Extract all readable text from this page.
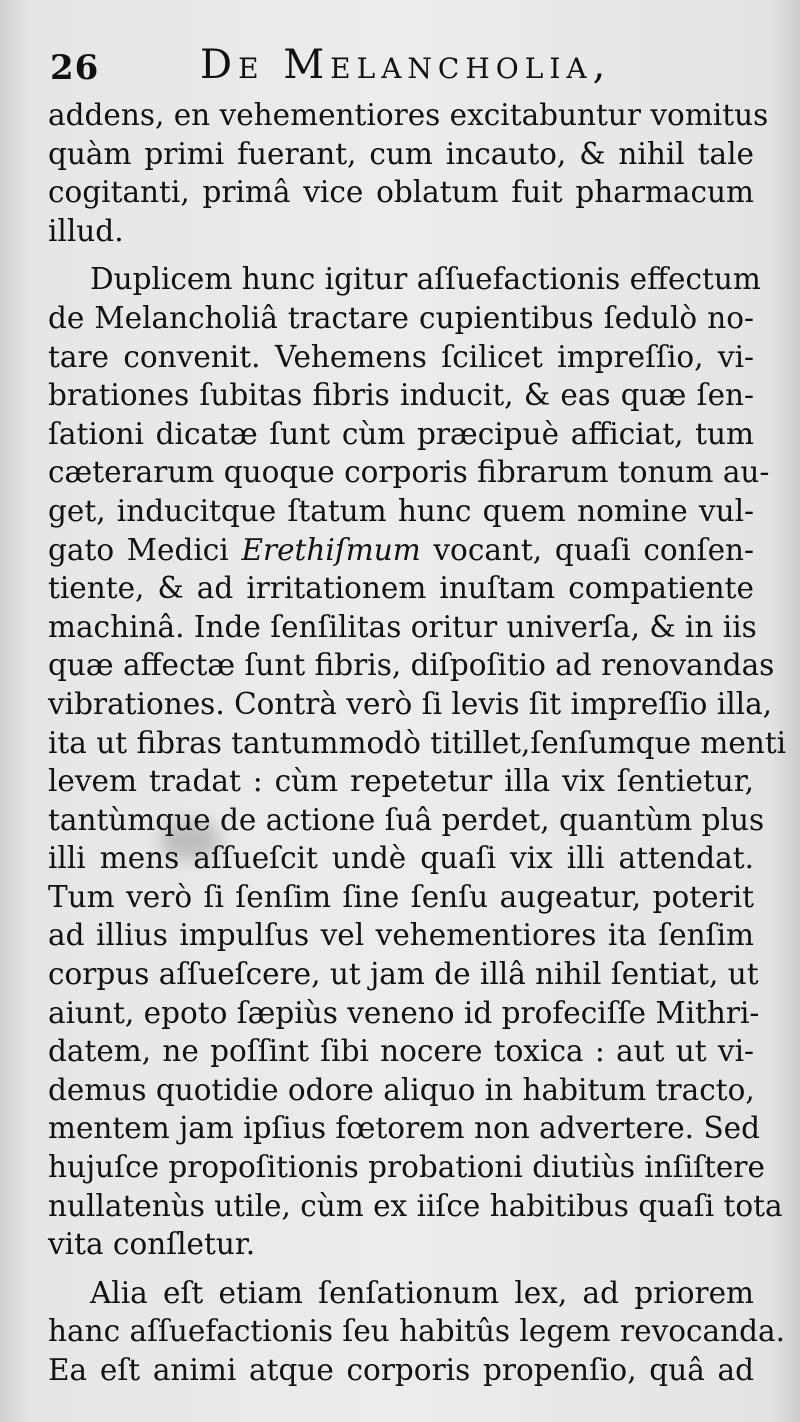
26	De Melancholia,
addens, en vehementiores excitabuntur vomitus
quàm primi fuerant, cum incauto, & nihil tale
cogitanti, primâ vice oblatum fuit pharmacum
illud.
Duplicem hunc igitur aſſuefactionis effectum
de Melancholiâ tractare cupientibus ſedulò no-
tare convenit. Vehemens ſcilicet impreſſio, vi-
brationes ſubitas fibris inducit, & eas quæ ſen-
ſationi dicatæ ſunt cùm præcipuè afficiat, tum
cæterarum quoque corporis fibrarum tonum au-
get, inducitque ſtatum hunc quem nomine vul-
gato Medici Erethiſmum vocant, quaſi conſen-
tiente, & ad irritationem inuſtam compatiente
machinâ. Inde ſenſilitas oritur univerſa, & in iis
quæ affectæ ſunt fibris, diſpoſitio ad renovandas
vibrationes. Contrà verò ſi levis ſit impreſſio illa,
ita ut fibras tantummodò titillet,ſenſumque menti
levem tradat : cùm repetetur illa vix ſentietur,
tantùmque de actione ſuâ perdet, quantùm plus
illi mens aſſueſcit undè quaſi vix illi attendat.
Tum verò ſi ſenſim ſine ſenſu augeatur, poterit
ad illius impulſus vel vehementiores ita ſenſim
corpus aſſueſcere, ut jam de illâ nihil ſentiat, ut
aiunt, epoto ſæpiùs veneno id profeciſſe Mithri-
datem, ne poſſint ſibi nocere toxica : aut ut vi-
demus quotidie odore aliquo in habitum tracto,
mentem jam ipſius fœtorem non advertere. Sed
hujuſce propoſitionis probationi diutiùs inſiſtere
nullatenùs utile, cùm ex iiſce habitibus quaſi tota
vita conſletur.
Alia eſt etiam ſenſationum lex, ad priorem
hanc aſſuefactionis ſeu habitûs legem revocanda.
Ea eſt animi atque corporis propenſio, quâ ad
